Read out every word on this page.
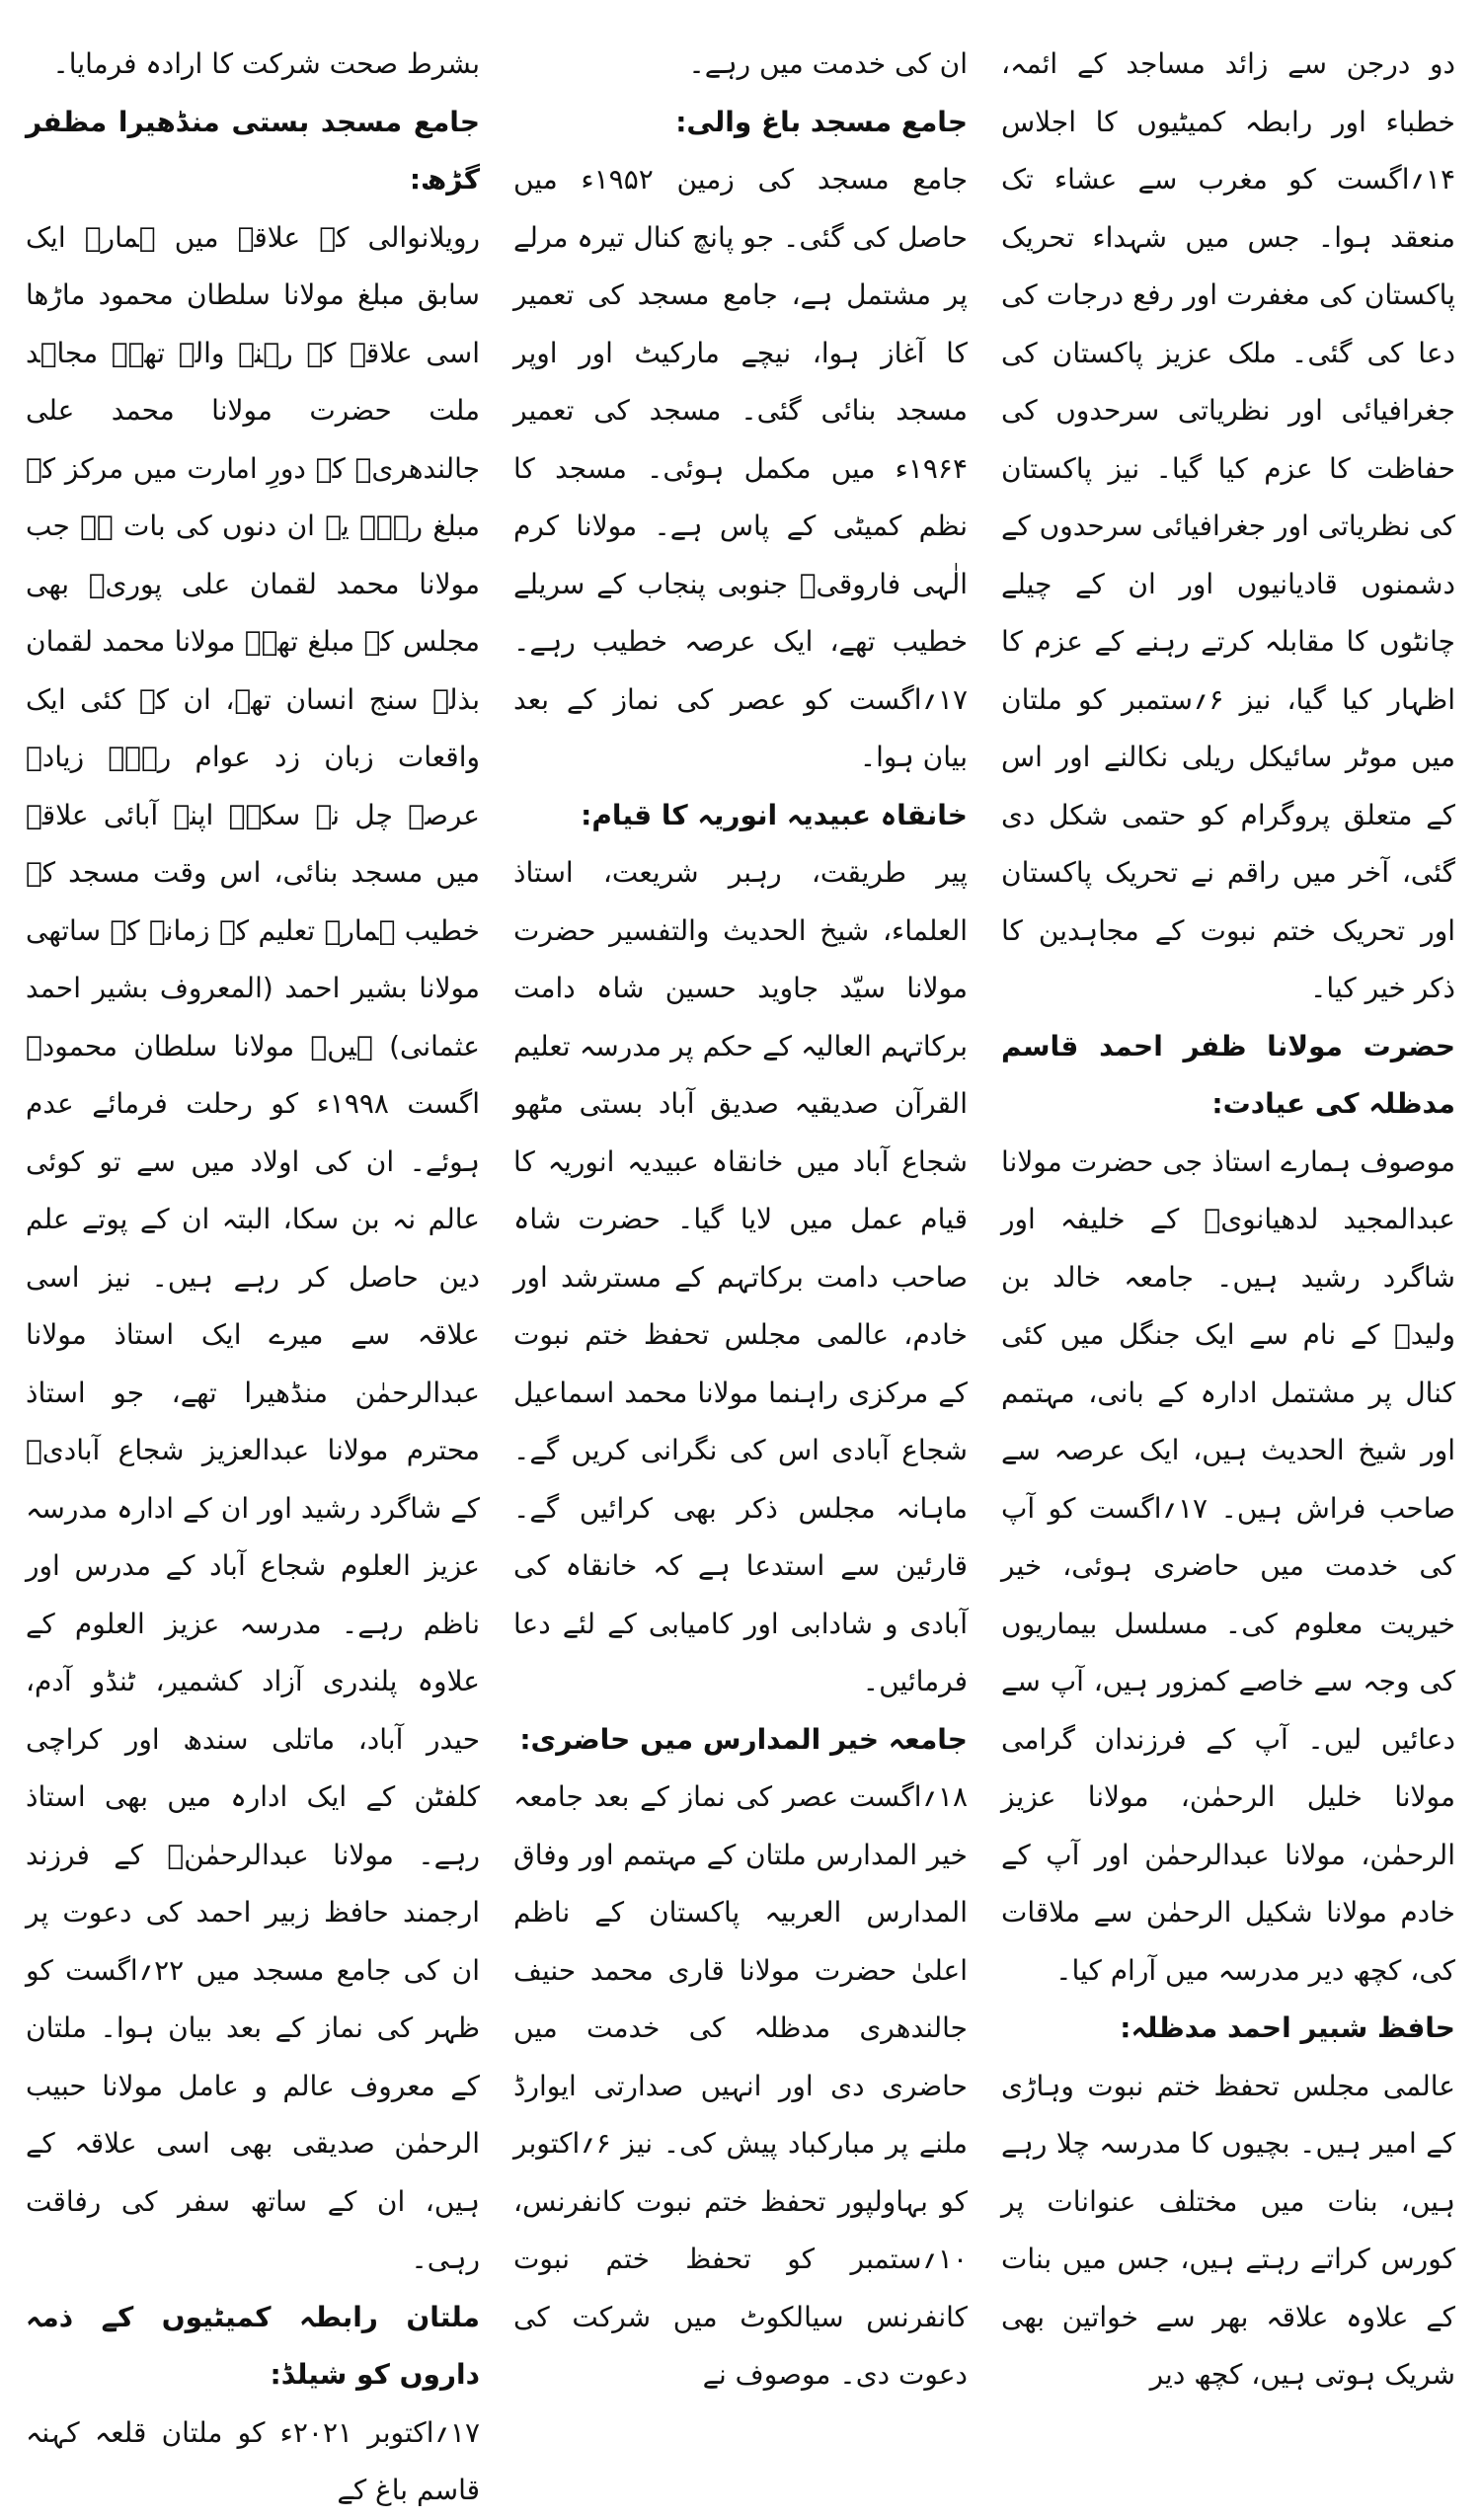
دو درجن سے زائد مساجد کے ائمہ، خطباء اور رابطہ کمیٹیوں کا اجلاس ۱۴؍اگست کو مغرب سے عشاء تک منعقد ہوا۔ جس میں شہداء تحریک پاکستان کی مغفرت اور رفع درجات کی دعا کی گئی۔ ملک عزیز پاکستان کی جغرافیائی اور نظریاتی سرحدوں کی حفاظت کا عزم کیا گیا۔ نیز پاکستان کی نظریاتی اور جغرافیائی سرحدوں کے دشمنوں قادیانیوں اور ان کے چیلے چانٹوں کا مقابلہ کرتے رہنے کے عزم کا اظہار کیا گیا، نیز ۶؍ستمبر کو ملتان میں موٹر سائیکل ریلی نکالنے اور اس کے متعلق پروگرام کو حتمی شکل دی گئی، آخر میں راقم نے تحریک پاکستان اور تحریک ختم نبوت کے مجاہدین کا ذکر خیر کیا۔

حضرت مولانا ظفر احمد قاسم مدظلہ کی عیادت:

موصوف ہمارے استاذ جی حضرت مولانا عبدالمجید لدھیانویؒ کے خلیفہ اور شاگرد رشید ہیں۔ جامعہ خالد بن ولیدؓ کے نام سے ایک جنگل میں کئی کنال پر مشتمل ادارہ کے بانی، مہتمم اور شیخ الحدیث ہیں، ایک عرصہ سے صاحب فراش ہیں۔ ۱۷؍اگست کو آپ کی خدمت میں حاضری ہوئی، خیر خیریت معلوم کی۔ مسلسل بیماریوں کی وجہ سے خاصے کمزور ہیں، آپ سے دعائیں لیں۔ آپ کے فرزندان گرامی مولانا خلیل الرحمٰن، مولانا عزیز الرحمٰن، مولانا عبدالرحمٰن اور آپ کے خادم مولانا شکیل الرحمٰن سے ملاقات کی، کچھ دیر مدرسہ میں آرام کیا۔

حافظ شبیر احمد مدظلہ:

عالمی مجلس تحفظ ختم نبوت وہاڑی کے امیر ہیں۔ بچیوں کا مدرسہ چلا رہے ہیں، بنات میں مختلف عنوانات پر کورس کراتے رہتے ہیں، جس میں بنات کے علاوہ علاقہ بھر سے خواتین بھی شریک ہوتی ہیں، کچھ دیر

ان کی خدمت میں رہے۔

جامع مسجد باغ والی:

جامع مسجد کی زمین ۱۹۵۲ء میں حاصل کی گئی۔ جو پانچ کنال تیرہ مرلے پر مشتمل ہے، جامع مسجد کی تعمیر کا آغاز ہوا، نیچے مارکیٹ اور اوپر مسجد بنائی گئی۔ مسجد کی تعمیر ۱۹۶۴ء میں مکمل ہوئی۔ مسجد کا نظم کمیٹی کے پاس ہے۔ مولانا کرم الٰہی فاروقیؒ جنوبی پنجاب کے سریلے خطیب تھے، ایک عرصہ خطیب رہے۔ ۱۷؍اگست کو عصر کی نماز کے بعد بیان ہوا۔

خانقاہ عبیدیہ انوریہ کا قیام:

پیر طریقت، رہبر شریعت، استاذ العلماء، شیخ الحدیث والتفسیر حضرت مولانا سیّد جاوید حسین شاہ دامت برکاتہم العالیہ کے حکم پر مدرسہ تعلیم القرآن صدیقیہ صدیق آباد بستی مٹھو شجاع آباد میں خانقاہ عبیدیہ انوریہ کا قیام عمل میں لایا گیا۔ حضرت شاہ صاحب دامت برکاتہم کے مسترشد اور خادم، عالمی مجلس تحفظ ختم نبوت کے مرکزی راہنما مولانا محمد اسماعیل شجاع آبادی اس کی نگرانی کریں گے۔ ماہانہ مجلس ذکر بھی کرائیں گے۔ قارئین سے استدعا ہے کہ خانقاہ کی آبادی و شادابی اور کامیابی کے لئے دعا فرمائیں۔

جامعہ خیر المدارس میں حاضری:

۱۸؍اگست عصر کی نماز کے بعد جامعہ خیر المدارس ملتان کے مہتمم اور وفاق المدارس العربیہ پاکستان کے ناظم اعلیٰ حضرت مولانا قاری محمد حنیف جالندھری مدظلہ کی خدمت میں حاضری دی اور انہیں صدارتی ایوارڈ ملنے پر مبارکباد پیش کی۔ نیز ۶؍اکتوبر کو بہاولپور تحفظ ختم نبوت کانفرنس، ۱۰؍ستمبر کو تحفظ ختم نبوت کانفرنس سیالکوٹ میں شرکت کی دعوت دی۔ موصوف نے

بشرط صحت شرکت کا ارادہ فرمایا۔

جامع مسجد بستی منڈھیرا مظفر گڑھ:

رویلانوالی کے علاقہ میں ہمارے ایک سابق مبلغ مولانا سلطان محمود ماڑھا اسی علاقہ کے رہنے والے تھے۔ مجاہد ملت حضرت مولانا محمد علی جالندھریؒ کے دورِ امارت میں مرکز کے مبلغ رہے۔ یہ ان دنوں کی بات ہے جب مولانا محمد لقمان علی پوریؒ بھی مجلس کے مبلغ تھے۔ مولانا محمد لقمان بذلہ سنج انسان تھے، ان کے کئی ایک واقعات زبان زد عوام رہے۔ زیادہ عرصہ چل نہ سکے۔ اپنے آبائی علاقہ میں مسجد بنائی، اس وقت مسجد کے خطیب ہمارے تعلیم کے زمانہ کے ساتھی مولانا بشیر احمد (المعروف بشیر احمد عثمانی) ہیں۔ مولانا سلطان محمودؒ اگست ۱۹۹۸ء کو رحلت فرمائے عدم ہوئے۔ ان کی اولاد میں سے تو کوئی عالم نہ بن سکا، البتہ ان کے پوتے علم دین حاصل کر رہے ہیں۔ نیز اسی علاقہ سے میرے ایک استاذ مولانا عبدالرحمٰن منڈھیرا تھے، جو استاذ محترم مولانا عبدالعزیز شجاع آبادیؒ کے شاگرد رشید اور ان کے ادارہ مدرسہ عزیز العلوم شجاع آباد کے مدرس اور ناظم رہے۔ مدرسہ عزیز العلوم کے علاوہ پلندری آزاد کشمیر، ٹنڈو آدم، حیدر آباد، ماتلی سندھ اور کراچی کلفٹن کے ایک ادارہ میں بھی استاذ رہے۔ مولانا عبدالرحمٰنؒ کے فرزند ارجمند حافظ زبیر احمد کی دعوت پر ان کی جامع مسجد میں ۲۲؍اگست کو ظہر کی نماز کے بعد بیان ہوا۔ ملتان کے معروف عالم و عامل مولانا حبیب الرحمٰن صدیقی بھی اسی علاقہ کے ہیں، ان کے ساتھ سفر کی رفاقت رہی۔

ملتان رابطہ کمیٹیوں کے ذمہ داروں کو شیلڈ:

۱۷؍اکتوبر ۲۰۲۱ء کو ملتان قلعہ کہنہ قاسم باغ کے
